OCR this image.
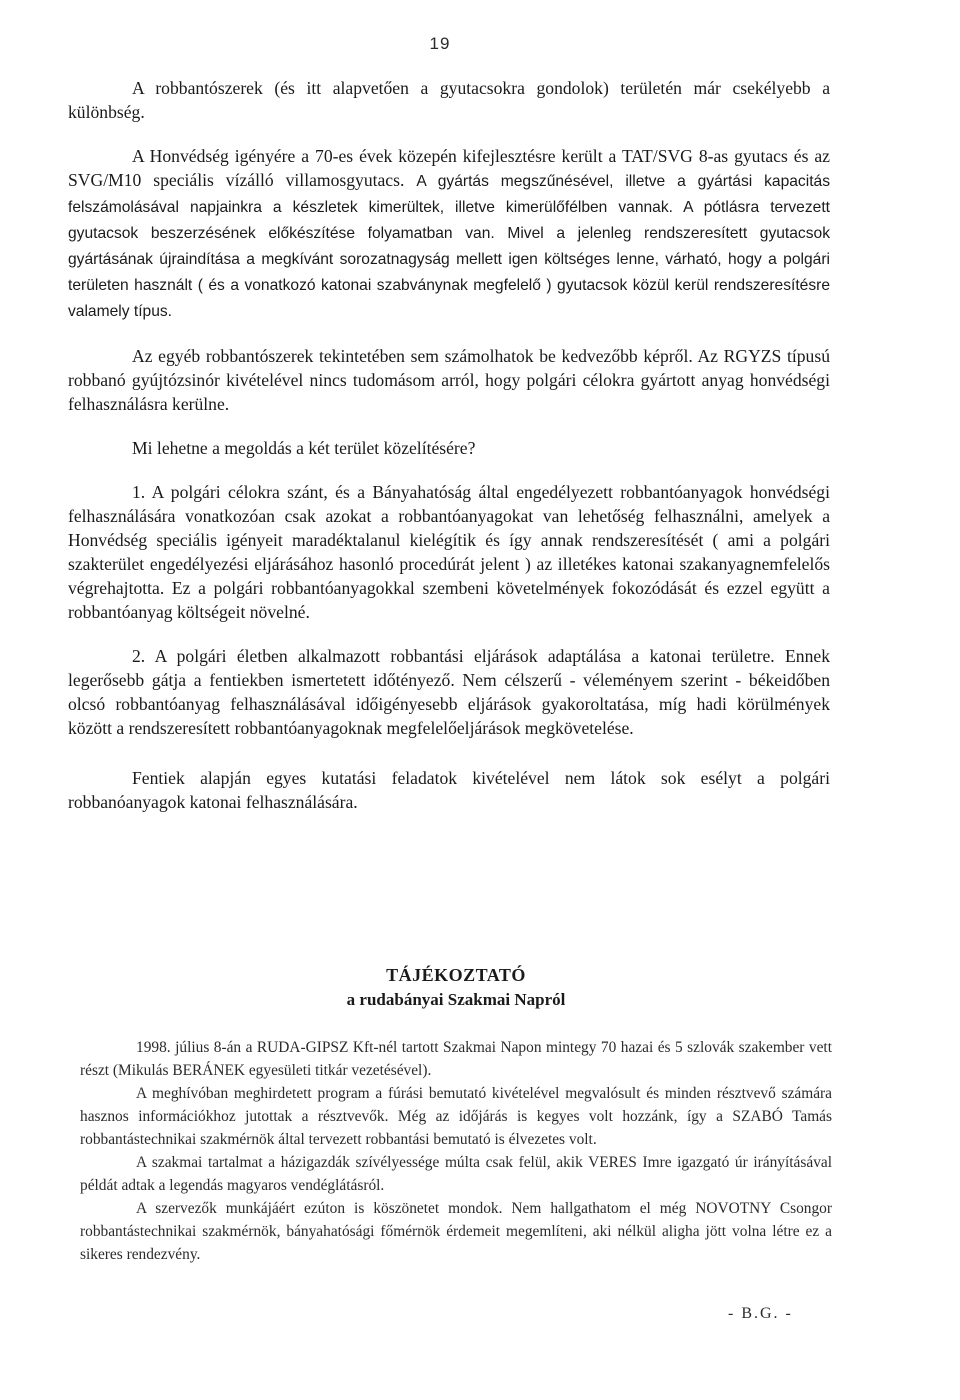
19

A robbantószerek (és itt alapvetően a gyutacsokra gondolok) területén már csekélyebb a különbség.

A Honvédség igényére a 70-es évek közepén kifejlesztésre került a TAT/SVG 8-as gyutacs és az SVG/M10 speciális vízálló villamosgyutacs. A gyártás megszűnésével, illetve a gyártási kapacitás felszámolásával napjainkra a készletek kimerültek, illetve kimerülőfélben vannak. A pótlásra tervezett gyutacsok beszerzésének előkészítése folyamatban van. Mivel a jelenleg rendszeresített gyutacsok gyártásának újraindítása a megkívánt sorozatnagyság mellett igen költséges lenne, várható, hogy a polgári területen használt ( és a vonatkozó katonai szabványnak megfelelő ) gyutacsok közül kerül rendszeresítésre valamely típus.

Az egyéb robbantószerek tekintetében sem számolhatok be kedvezőbb képről. Az RGYZS típusú robbanó gyújtózsinór kivételével nincs tudomásom arról, hogy polgári célokra gyártott anyag honvédségi felhasználásra kerülne.

Mi lehetne a megoldás a két terület közelítésére?

1. A polgári célokra szánt, és a Bányahatóság által engedélyezett robbantóanyagok honvédségi felhasználására vonatkozóan csak azokat a robbantóanyagokat van lehetőség felhasználni, amelyek a Honvédség speciális igényeit maradéktalanul kielégítik és így annak rendszeresítését ( ami a polgári szakterület engedélyezési eljárásához hasonló procedúrát jelent ) az illetékes katonai szakanyagnemfelelős végrehajtotta. Ez a polgári robbantóanyagokkal szembeni követelmények fokozódását és ezzel együtt a robbantóanyag költségeit növelné.

2. A polgári életben alkalmazott robbantási eljárások adaptálása a katonai területre. Ennek legerősebb gátja a fentiekben ismertetett időtényező. Nem célszerű - véleményem szerint - békeidőben olcsó robbantóanyag felhasználásával időigényesebb eljárások gyakoroltatása, míg hadi körülmények között a rendszeresített robbantóanyagoknak megfelelőeljárások megkövetelése.

Fentiek alapján egyes kutatási feladatok kivételével nem látok sok esélyt a polgári robbanóanyagok katonai felhasználására.

TÁJÉKOZTATÓ

a rudabányai Szakmai Napról

1998. július 8-án a RUDA-GIPSZ Kft-nél tartott Szakmai Napon mintegy 70 hazai és 5 szlovák szakember vett részt (Mikulás BERÁNEK egyesületi titkár vezetésével).

A meghívóban meghirdetett program a fúrási bemutató kivételével megvalósult és minden résztvevő számára hasznos információkhoz jutottak a résztvevők. Még az időjárás is kegyes volt hozzánk, így a SZABÓ Tamás robbantástechnikai szakmérnök által tervezett robbantási bemutató is élvezetes volt.

A szakmai tartalmat a házigazdák szívélyessége múlta csak felül, akik VERES Imre igazgató úr irányításával példát adtak a legendás magyaros vendéglátásról.

A szervezők munkájáért ezúton is köszönetet mondok. Nem hallgathatom el még NOVOTNY Csongor robbantástechnikai szakmérnök, bányahatósági főmérnök érdemeit megemlíteni, aki nélkül aligha jött volna létre ez a sikeres rendezvény.

- B.G. -
